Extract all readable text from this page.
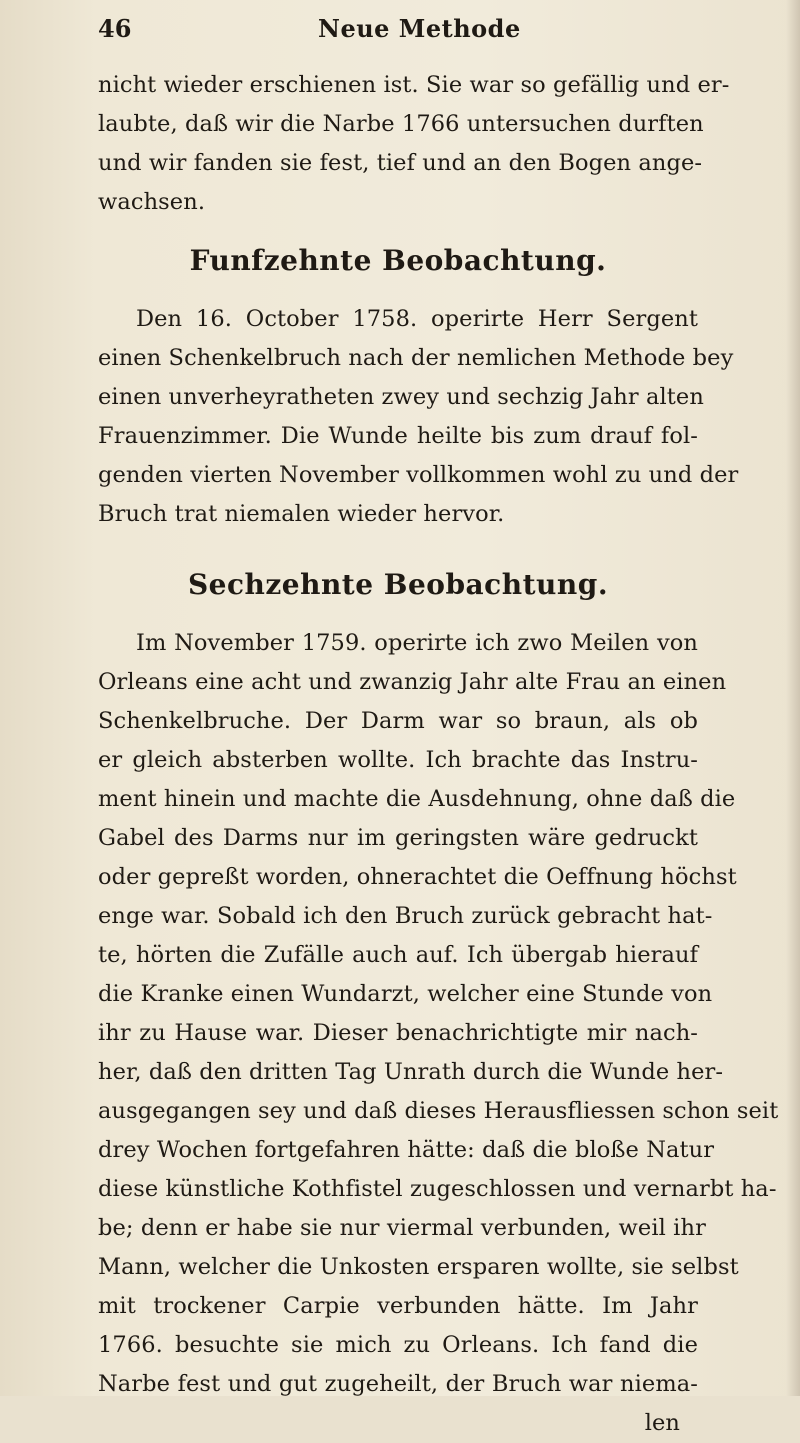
46	Neue Methode
nicht wieder erschienen ist. Sie war so gefällig und er-
laubte, daß wir die Narbe 1766 untersuchen durften
und wir fanden sie fest, tief und an den Bogen ange-
wachsen.
Funfzehnte Beobachtung.
Den 16. October 1758. operirte Herr Sergent
einen Schenkelbruch nach der nemlichen Methode bey
einen unverheyratheten zwey und sechzig Jahr alten
Frauenzimmer. Die Wunde heilte bis zum drauf fol-
genden vierten November vollkommen wohl zu und der
Bruch trat niemalen wieder hervor.
Sechzehnte Beobachtung.
Im November 1759. operirte ich zwo Meilen von
Orleans eine acht und zwanzig Jahr alte Frau an einen
Schenkelbruche. Der Darm war so braun, als ob
er gleich absterben wollte. Ich brachte das Instru-
ment hinein und machte die Ausdehnung, ohne daß die
Gabel des Darms nur im geringsten wäre gedruckt
oder gepreßt worden, ohnerachtet die Oeffnung höchst
enge war. Sobald ich den Bruch zurück gebracht hat-
te, hörten die Zufälle auch auf. Ich übergab hierauf
die Kranke einen Wundarzt, welcher eine Stunde von
ihr zu Hause war. Dieser benachrichtigte mir nach-
her, daß den dritten Tag Unrath durch die Wunde her-
ausgegangen sey und daß dieses Herausfliessen schon seit
drey Wochen fortgefahren hätte: daß die bloße Natur
diese künstliche Kothfistel zugeschlossen und vernarbt ha-
be; denn er habe sie nur viermal verbunden, weil ihr
Mann, welcher die Unkosten ersparen wollte, sie selbst
mit trockener Carpie verbunden hätte. Im Jahr
1766. besuchte sie mich zu Orleans. Ich fand die
Narbe fest und gut zugeheilt, der Bruch war niema-
len
